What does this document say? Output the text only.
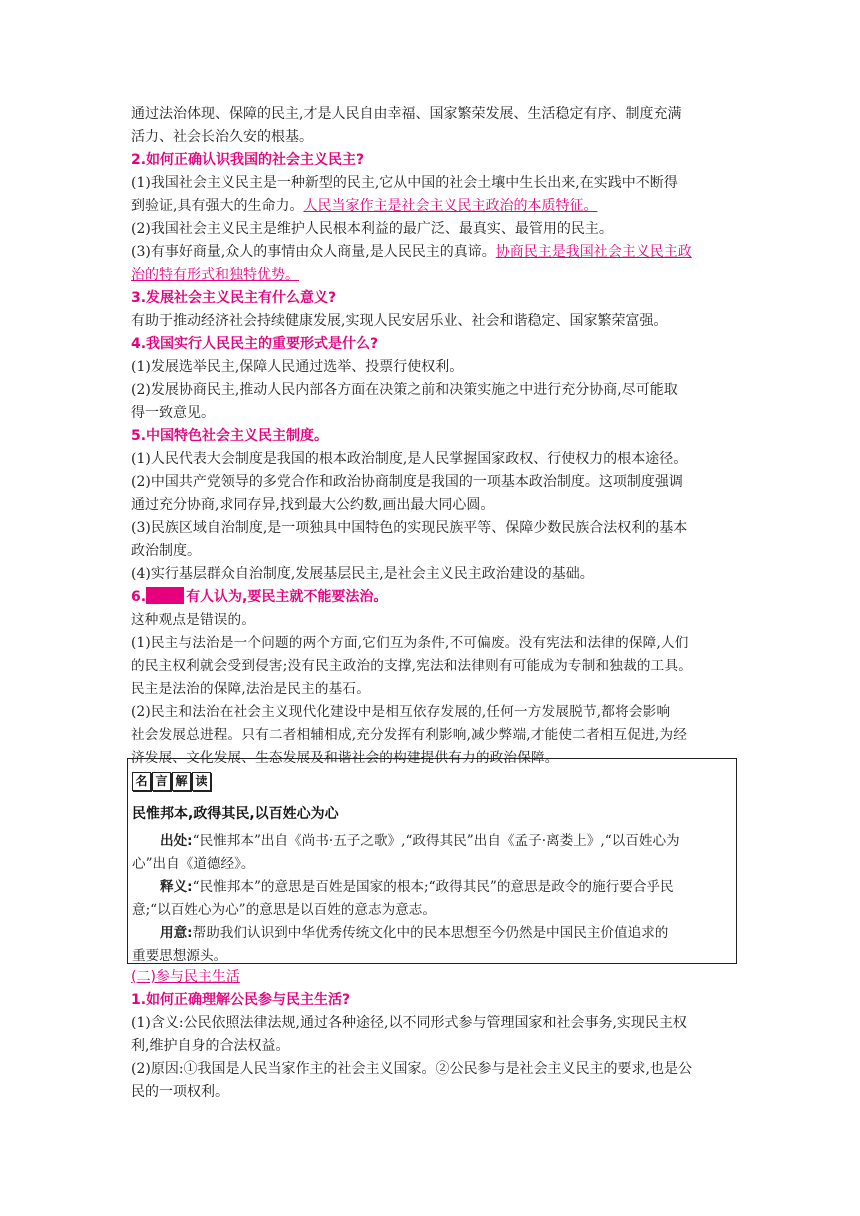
通过法治体现、保障的民主,才是人民自由幸福、国家繁荣发展、生活稳定有序、制度充满
活力、社会长治久安的根基。
2.如何正确认识我国的社会主义民主?
(1)我国社会主义民主是一种新型的民主,它从中国的社会土壤中生长出来,在实践中不断得
到验证,具有强大的生命力。人民当家作主是社会主义民主政治的本质特征。
(2)我国社会主义民主是维护人民根本利益的最广泛、最真实、最管用的民主。
(3)有事好商量,众人的事情由众人商量,是人民民主的真谛。协商民主是我国社会主义民主政
治的特有形式和独特优势。
3.发展社会主义民主有什么意义?
有助于推动经济社会持续健康发展,实现人民安居乐业、社会和谐稳定、国家繁荣富强。
4.我国实行人民民主的重要形式是什么?
(1)发展选举民主,保障人民通过选举、投票行使权利。
(2)发展协商民主,推动人民内部各方面在决策之前和决策实施之中进行充分协商,尽可能取
得一致意见。
5.中国特色社会主义民主制度。
(1)人民代表大会制度是我国的根本政治制度,是人民掌握国家政权、行使权力的根本途径。
(2)中国共产党领导的多党合作和政治协商制度是我国的一项基本政治制度。这项制度强调
通过充分协商,求同存异,找到最大公约数,画出最大同心圆。
(3)民族区域自治制度,是一项独具中国特色的实现民族平等、保障少数民族合法权利的基本
政治制度。
(4)实行基层群众自治制度,发展基层民主,是社会主义民主政治建设的基础。
6.	有人认为,要民主就不能要法治。
这种观点是错误的。
(1)民主与法治是一个问题的两个方面,它们互为条件,不可偏废。没有宪法和法律的保障,人们
的民主权利就会受到侵害;没有民主政治的支撑,宪法和法律则有可能成为专制和独裁的工具。
民主是法治的保障,法治是民主的基石。
(2)民主和法治在社会主义现代化建设中是相互依存发展的,任何一方发展脱节,都将会影响
社会发展总进程。只有二者相辅相成,充分发挥有利影响,减少弊端,才能使二者相互促进,为经
济发展、文化发展、生态发展及和谐社会的构建提供有力的政治保障。
名 言 解 读
民惟邦本,政得其民,以百姓心为心
出处:“民惟邦本”出自《尚书·五子之歌》,“政得其民”出自《孟子·离娄上》,“以百姓心为
心”出自《道德经》。
释义:“民惟邦本”的意思是百姓是国家的根本;“政得其民”的意思是政令的施行要合乎民
意;“以百姓心为心”的意思是以百姓的意志为意志。
用意:帮助我们认识到中华优秀传统文化中的民本思想至今仍然是中国民主价值追求的
重要思想源头。
(二)参与民主生活
1.如何正确理解公民参与民主生活?
(1)含义:公民依照法律法规,通过各种途径,以不同形式参与管理国家和社会事务,实现民主权
利,维护自身的合法权益。
(2)原因:①我国是人民当家作主的社会主义国家。②公民参与是社会主义民主的要求,也是公
民的一项权利。
